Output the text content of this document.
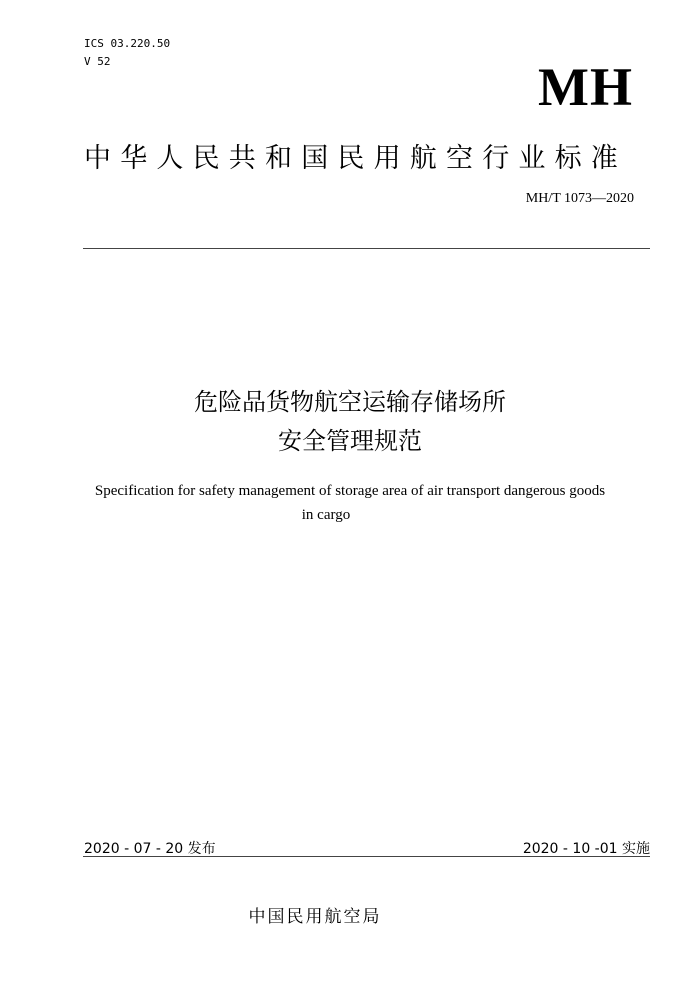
ICS 03.220.50
V 52	MH
中华人民共和国民用航空行业标准
MH/T 1073—2020
危险品货物航空运输存储场所
安全管理规范
Specification for safety management of storage area of air transport dangerous goods
in cargo
2020 - 07 - 20 发布	2020 - 10 -01 实施
中国民用航空局
